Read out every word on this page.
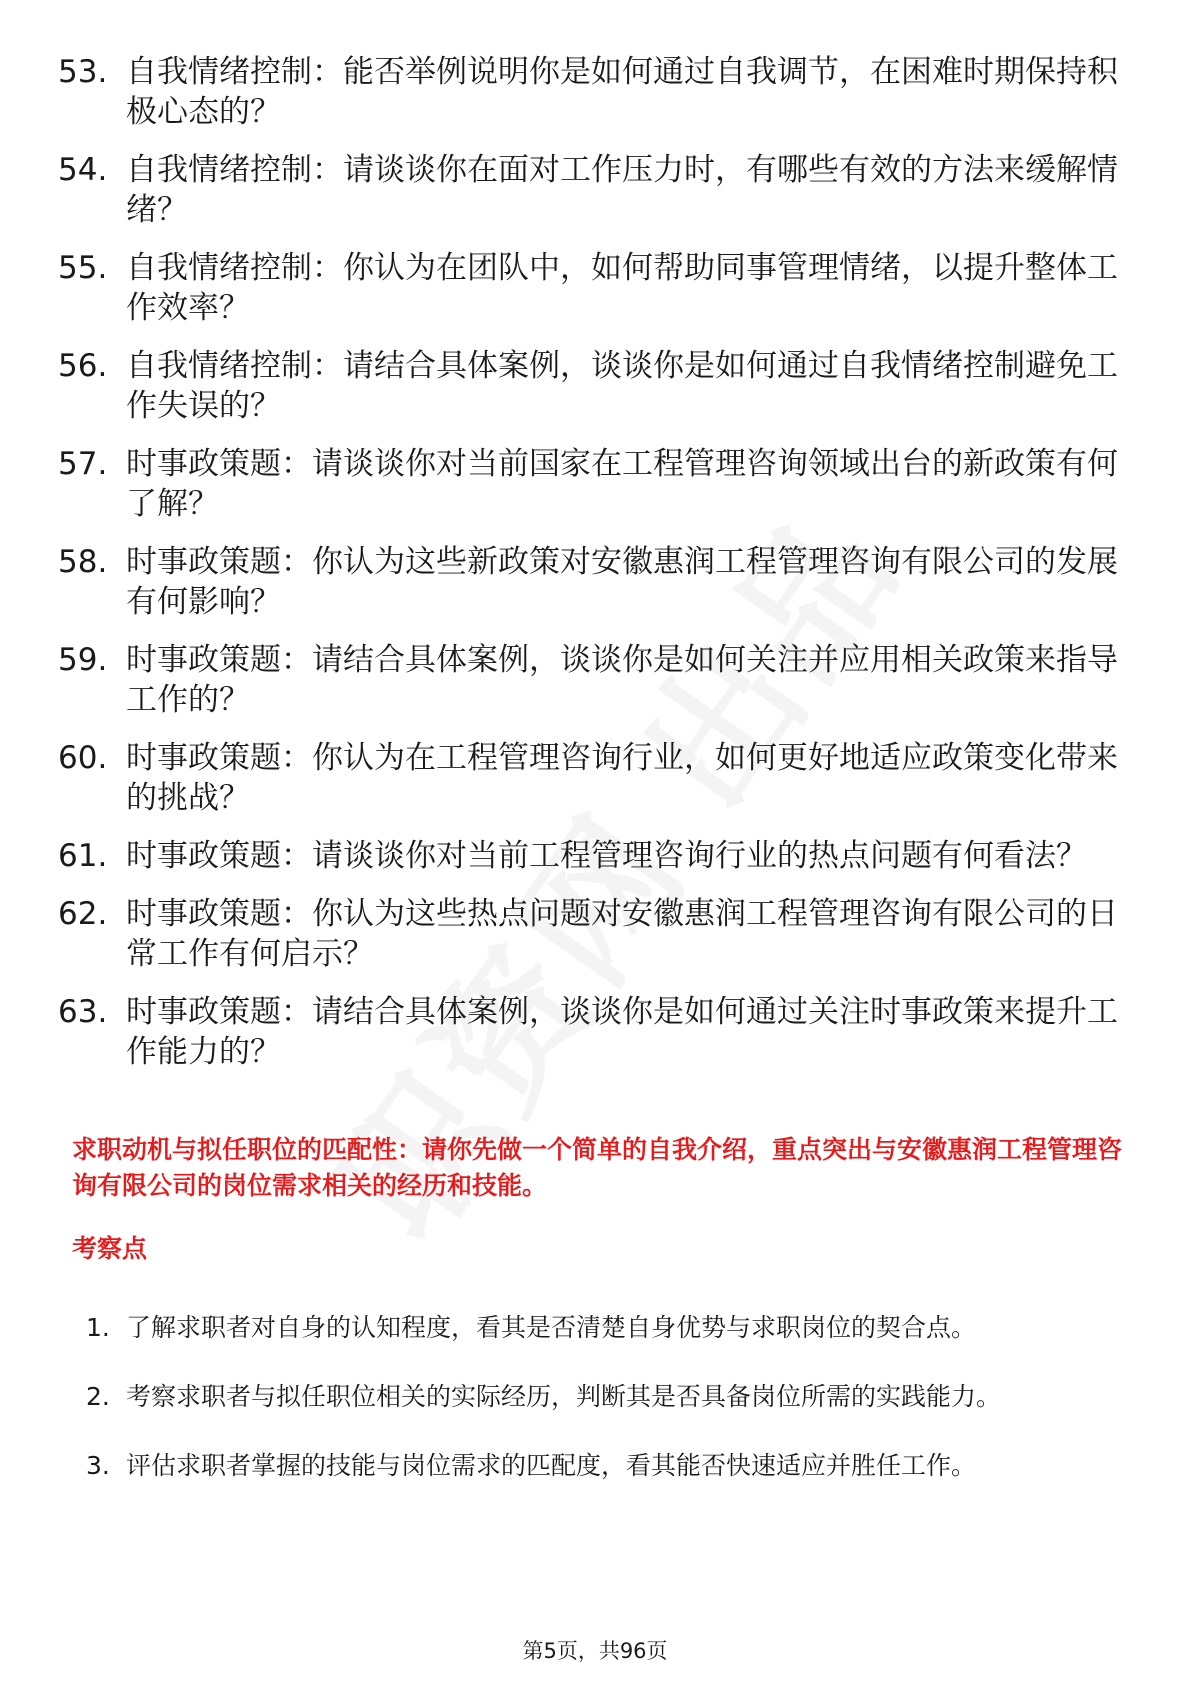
53. 自我情绪控制：能否举例说明你是如何通过自我调节，在困难时期保持积极心态的？
54. 自我情绪控制：请谈谈你在面对工作压力时，有哪些有效的方法来缓解情绪？
55. 自我情绪控制：你认为在团队中，如何帮助同事管理情绪，以提升整体工作效率？
56. 自我情绪控制：请结合具体案例，谈谈你是如何通过自我情绪控制避免工作失误的？
57. 时事政策题：请谈谈你对当前国家在工程管理咨询领域出台的新政策有何了解？
58. 时事政策题：你认为这些新政策对安徽惠润工程管理咨询有限公司的发展有何影响？
59. 时事政策题：请结合具体案例，谈谈你是如何关注并应用相关政策来指导工作的？
60. 时事政策题：你认为在工程管理咨询行业，如何更好地适应政策变化带来的挑战？
61. 时事政策题：请谈谈你对当前工程管理咨询行业的热点问题有何看法？
62. 时事政策题：你认为这些热点问题对安徽惠润工程管理咨询有限公司的日常工作有何启示？
63. 时事政策题：请结合具体案例，谈谈你是如何通过关注时事政策来提升工作能力的？
求职动机与拟任职位的匹配性：请你先做一个简单的自我介绍，重点突出与安徽惠润工程管理咨询有限公司的岗位需求相关的经历和技能。
考察点
1. 了解求职者对自身的认知程度，看其是否清楚自身优势与求职岗位的契合点。
2. 考察求职者与拟任职位相关的实际经历，判断其是否具备岗位所需的实践能力。
3. 评估求职者掌握的技能与岗位需求的匹配度，看其能否快速适应并胜任工作。
第5页，共96页
